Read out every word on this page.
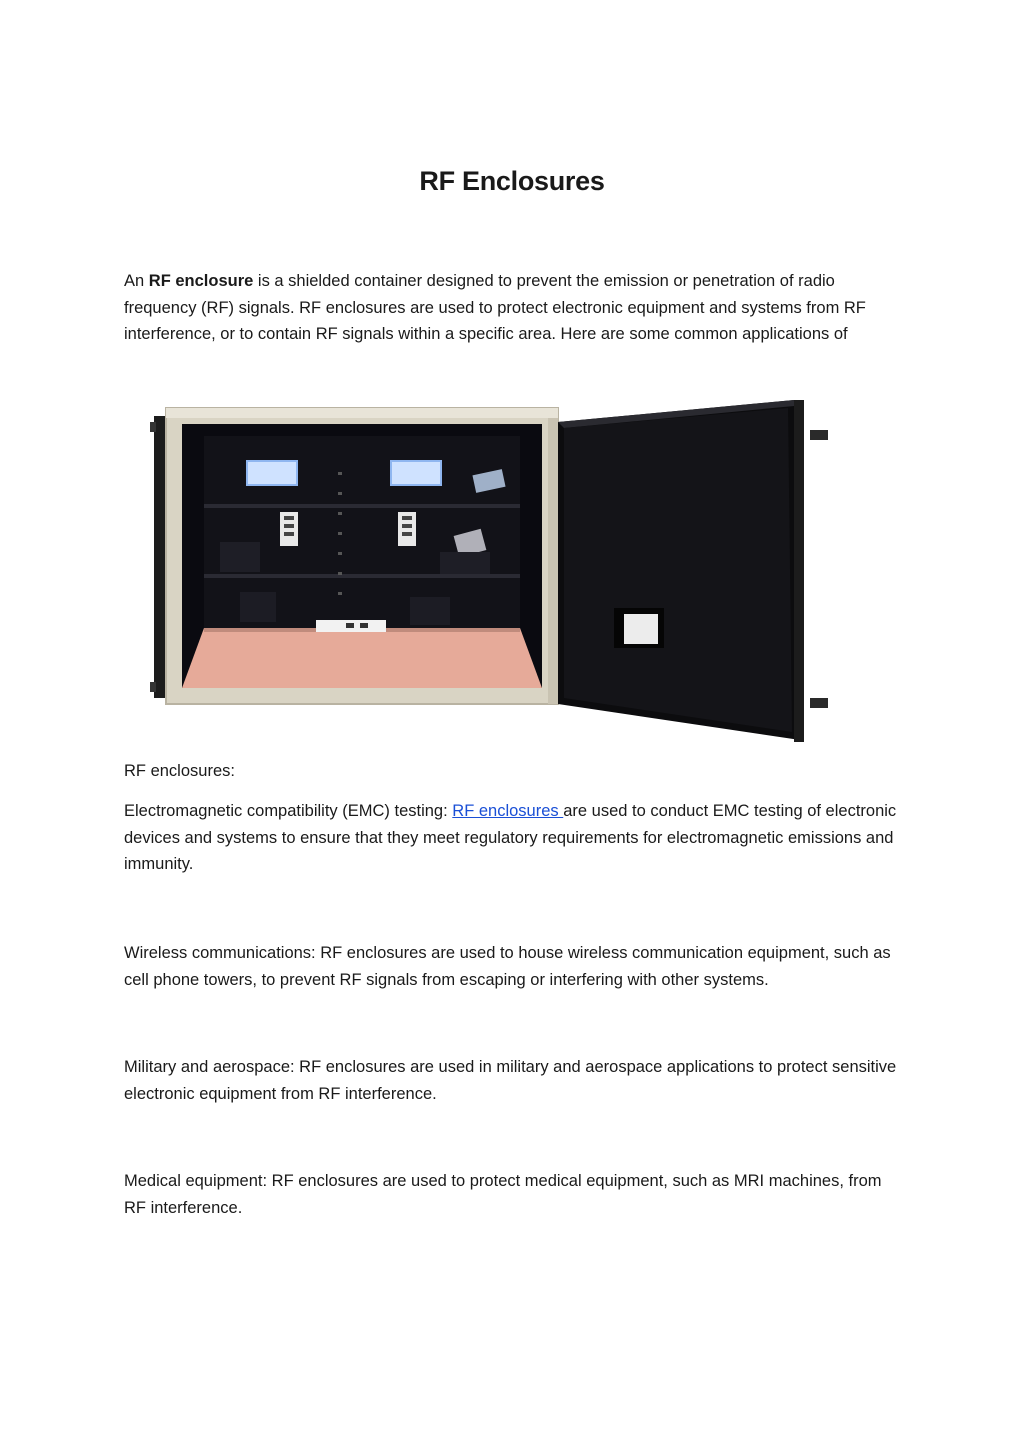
RF Enclosures

An RF enclosure is a shielded container designed to prevent the emission or penetration of radio frequency (RF) signals. RF enclosures are used to protect electronic equipment and systems from RF interference, or to contain RF signals within a specific area. Here are some common applications of

RF enclosures:

Electromagnetic compatibility (EMC) testing: RF enclosures are used to conduct EMC testing of electronic devices and systems to ensure that they meet regulatory requirements for electromagnetic emissions and immunity.

Wireless communications: RF enclosures are used to house wireless communication equipment, such as cell phone towers, to prevent RF signals from escaping or interfering with other systems.

Military and aerospace: RF enclosures are used in military and aerospace applications to protect sensitive electronic equipment from RF interference.

Medical equipment: RF enclosures are used to protect medical equipment, such as MRI machines, from RF interference.
